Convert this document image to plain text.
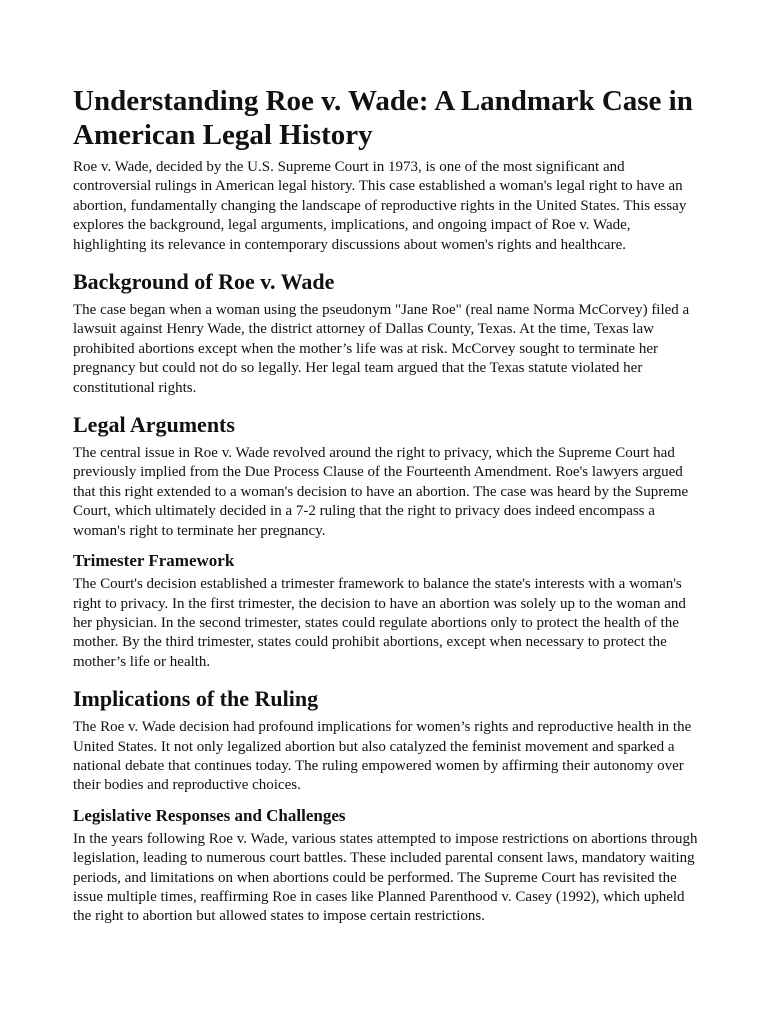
Understanding Roe v. Wade: A Landmark Case in American Legal History

Roe v. Wade, decided by the U.S. Supreme Court in 1973, is one of the most significant and controversial rulings in American legal history. This case established a woman's legal right to have an abortion, fundamentally changing the landscape of reproductive rights in the United States. This essay explores the background, legal arguments, implications, and ongoing impact of Roe v. Wade, highlighting its relevance in contemporary discussions about women's rights and healthcare.

Background of Roe v. Wade

The case began when a woman using the pseudonym "Jane Roe" (real name Norma McCorvey) filed a lawsuit against Henry Wade, the district attorney of Dallas County, Texas. At the time, Texas law prohibited abortions except when the mother’s life was at risk. McCorvey sought to terminate her pregnancy but could not do so legally. Her legal team argued that the Texas statute violated her constitutional rights.

Legal Arguments

The central issue in Roe v. Wade revolved around the right to privacy, which the Supreme Court had previously implied from the Due Process Clause of the Fourteenth Amendment. Roe's lawyers argued that this right extended to a woman's decision to have an abortion. The case was heard by the Supreme Court, which ultimately decided in a 7-2 ruling that the right to privacy does indeed encompass a woman's right to terminate her pregnancy.

Trimester Framework

The Court's decision established a trimester framework to balance the state's interests with a woman's right to privacy. In the first trimester, the decision to have an abortion was solely up to the woman and her physician. In the second trimester, states could regulate abortions only to protect the health of the mother. By the third trimester, states could prohibit abortions, except when necessary to protect the mother’s life or health.

Implications of the Ruling

The Roe v. Wade decision had profound implications for women’s rights and reproductive health in the United States. It not only legalized abortion but also catalyzed the feminist movement and sparked a national debate that continues today. The ruling empowered women by affirming their autonomy over their bodies and reproductive choices.

Legislative Responses and Challenges

In the years following Roe v. Wade, various states attempted to impose restrictions on abortions through legislation, leading to numerous court battles. These included parental consent laws, mandatory waiting periods, and limitations on when abortions could be performed. The Supreme Court has revisited the issue multiple times, reaffirming Roe in cases like Planned Parenthood v. Casey (1992), which upheld the right to abortion but allowed states to impose certain restrictions.
